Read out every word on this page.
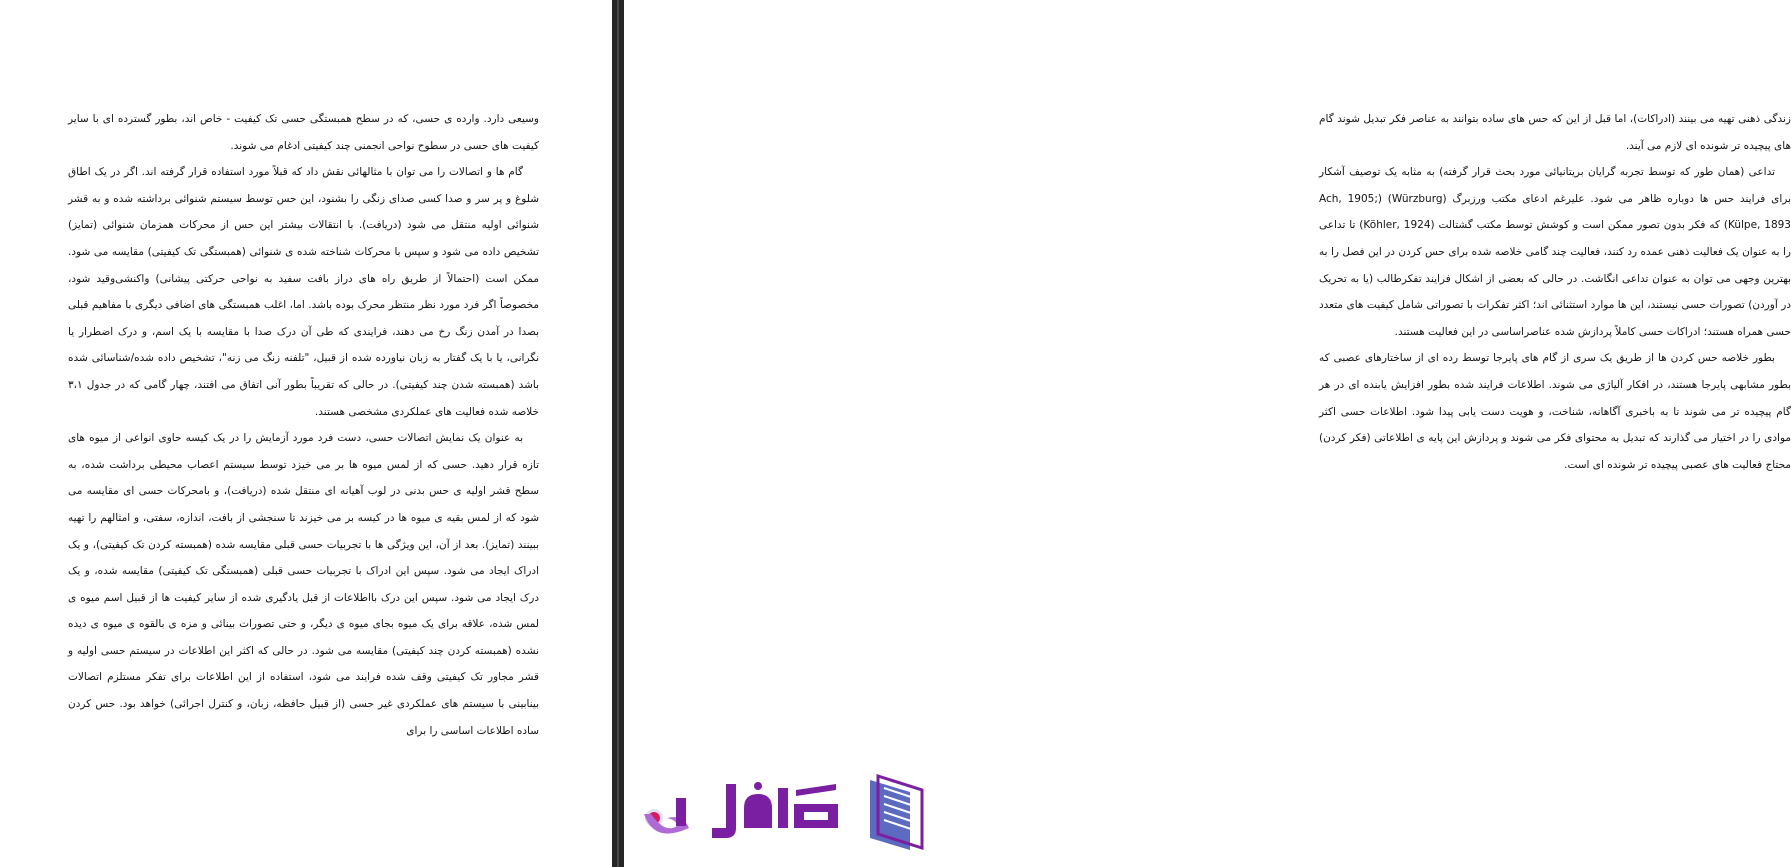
وسیعی دارد. وارده ی حسی، که در سطح همبستگی حسی تک کیفیت - خاص اند، بطور گسترده ای با سایر کیفیت های حسی در سطوح نواحی انجمنی چند کیفیتی ادغام می شوند.

گام ها و اتصالات را می توان با مثالهائی نقش داد که قبلاً مورد استفاده قرار گرفته اند. اگر در یک اطاق شلوغ و پر سر و صدا کسی صدای زنگی را بشنود، این حس توسط سیستم شنوائی برداشته شده و به قشر شنوائی اولیه منتقل می شود (دریافت). با انتقالات بیشتر این حس از محرکات همزمان شنوائی (تمایز) تشخیص داده می شود و سپس با محرکات شناخته شده ی شنوائی (همبستگی تک کیفیتی) مقایسه می شود. ممکن است (احتمالاً از طریق راه های دراز بافت سفید به نواحی حرکتی پیشانی) واکنشی‌وقید شود، مخصوصاً اگر فرد مورد نظر منتظر محرک بوده باشد. اما، اغلب همبستگی های اضافی دیگری با مفاهیم قبلی بصدا در آمدن زنگ رخ می دهند، فرایندی که طی آن درک صدا با مقایسه با یک اسم، و درک اضطرار یا نگرانی، یا با یک گفتار به زبان نیاورده شده از قبیل، "تلفنه زنگ می زنه"، تشخیص داده شده/شناسائی شده باشد (همبسته شدن چند کیفیتی). در حالی که تقریباً بطور آنی اتفاق می افتند، چهار گامی که در جدول ۳،۱ خلاصه شده فعالیت های عملکردی مشخصی هستند.

به عنوان یک نمایش اتصالات حسی، دست فرد مورد آزمایش را در یک کیسه حاوی انواعی از میوه های تازه قرار دهید. حسی که از لمس میوه ها بر می خیزد توسط سیستم اعصاب محیطی برداشت شده، به سطح قشر اولیه ی حس بدنی در لوب آهیانه ای منتقل شده (دریافت)، و بامحرکات حسی ای مقایسه می شود که از لمس بقیه ی میوه ها در کیسه بر می خیزند تا سنجشی از بافت، اندازه، سفتی، و امثالهم را تهیه ببینند (تمایز). بعد از آن، این ویژگی ها با تجربیات حسی قبلی مقایسه شده (همبسته کردن تک کیفیتی)، و یک ادراک ایجاد می شود. سپس این ادراک با تجربیات حسی قبلی (همبستگی تک کیفیتی) مقایسه شده، و یک درک ایجاد می شود. سپس این درک بااطلاعات از قبل یادگیری شده از سایر کیفیت ها از قبیل اسم میوه ی لمس شده، علاقه برای یک میوه بجای میوه ی دیگر، و حتی تصورات بینائی و مزه ی بالقوه ی میوه ی دیده نشده (همبسته کردن چند کیفیتی) مقایسه می شود. در حالی که اکثر این اطلاعات در سیستم حسی اولیه و قشر مجاور تک کیفیتی وقف شده فرایند می شود، استفاده از این اطلاعات برای تفکر مستلزم اتصالات بینابینی با سیستم های عملکردی غیر حسی (از قبیل حافظه، زبان، و کنترل اجرائی) خواهد بود. حس کردن ساده اطلاعات اساسی را برای

زندگی ذهنی تهیه می بینند (ادراکات)، اما قبل از این که حس های ساده بتوانند به عناصر فکر تبدیل شوند گام های پیچیده تر شونده ای لازم می آیند.

تداعی (همان طور که توسط تجربه گرایان بریتانیائی مورد بحث قرار گرفته) به مثابه یک توصیف آشکار برای فرایند حس ها دوباره ظاهر می شود. علیرغم ادعای مکتب ورزبرگ (Würzburg) (Ach, 1905; Külpe, 1893) که فکر بدون تصور ممکن است و کوشش توسط مکتب گشتالت (Köhler, 1924) تا تداعی را به عنوان یک فعالیت ذهنی عمده رد کنند، فعالیت چند گامی خلاصه شده برای حس کردن در این فصل را به بهترین وجهی می توان به عنوان تداعی انگاشت. در حالی که بعضی از اشکال فرایند تفکرطالب (یا به تحریک در آوردن) تصورات حسی نیستند، این ها موارد استثنائی اند؛ اکثر تفکرات با تصوراتی شامل کیفیت های متعدد حسی همراه هستند؛ ادراکات حسی کاملاً پردازش شده عناصراساسی در این فعالیت هستند.

بطور خلاصه حس کردن ها از طریق یک سری از گام های پایرجا توسط رده ای از ساختارهای عصبی که بطور مشابهی پایرجا هستند، در افکار آلیاژی می شوند. اطلاعات فرایند شده بطور افزایش یابنده ای در هر گام پیچیده تر می شوند تا به باخبری آگاهانه، شناخت، و هویت دست یابی پیدا شود. اطلاعات حسی اکثر موادی را در اختیار می گذارند که تبدیل به محتوای فکر می شوند و پردازش این پایه ی اطلاعاتی (فکر کردن) محتاج فعالیت های عصبی پیچیده تر شونده ای است.
